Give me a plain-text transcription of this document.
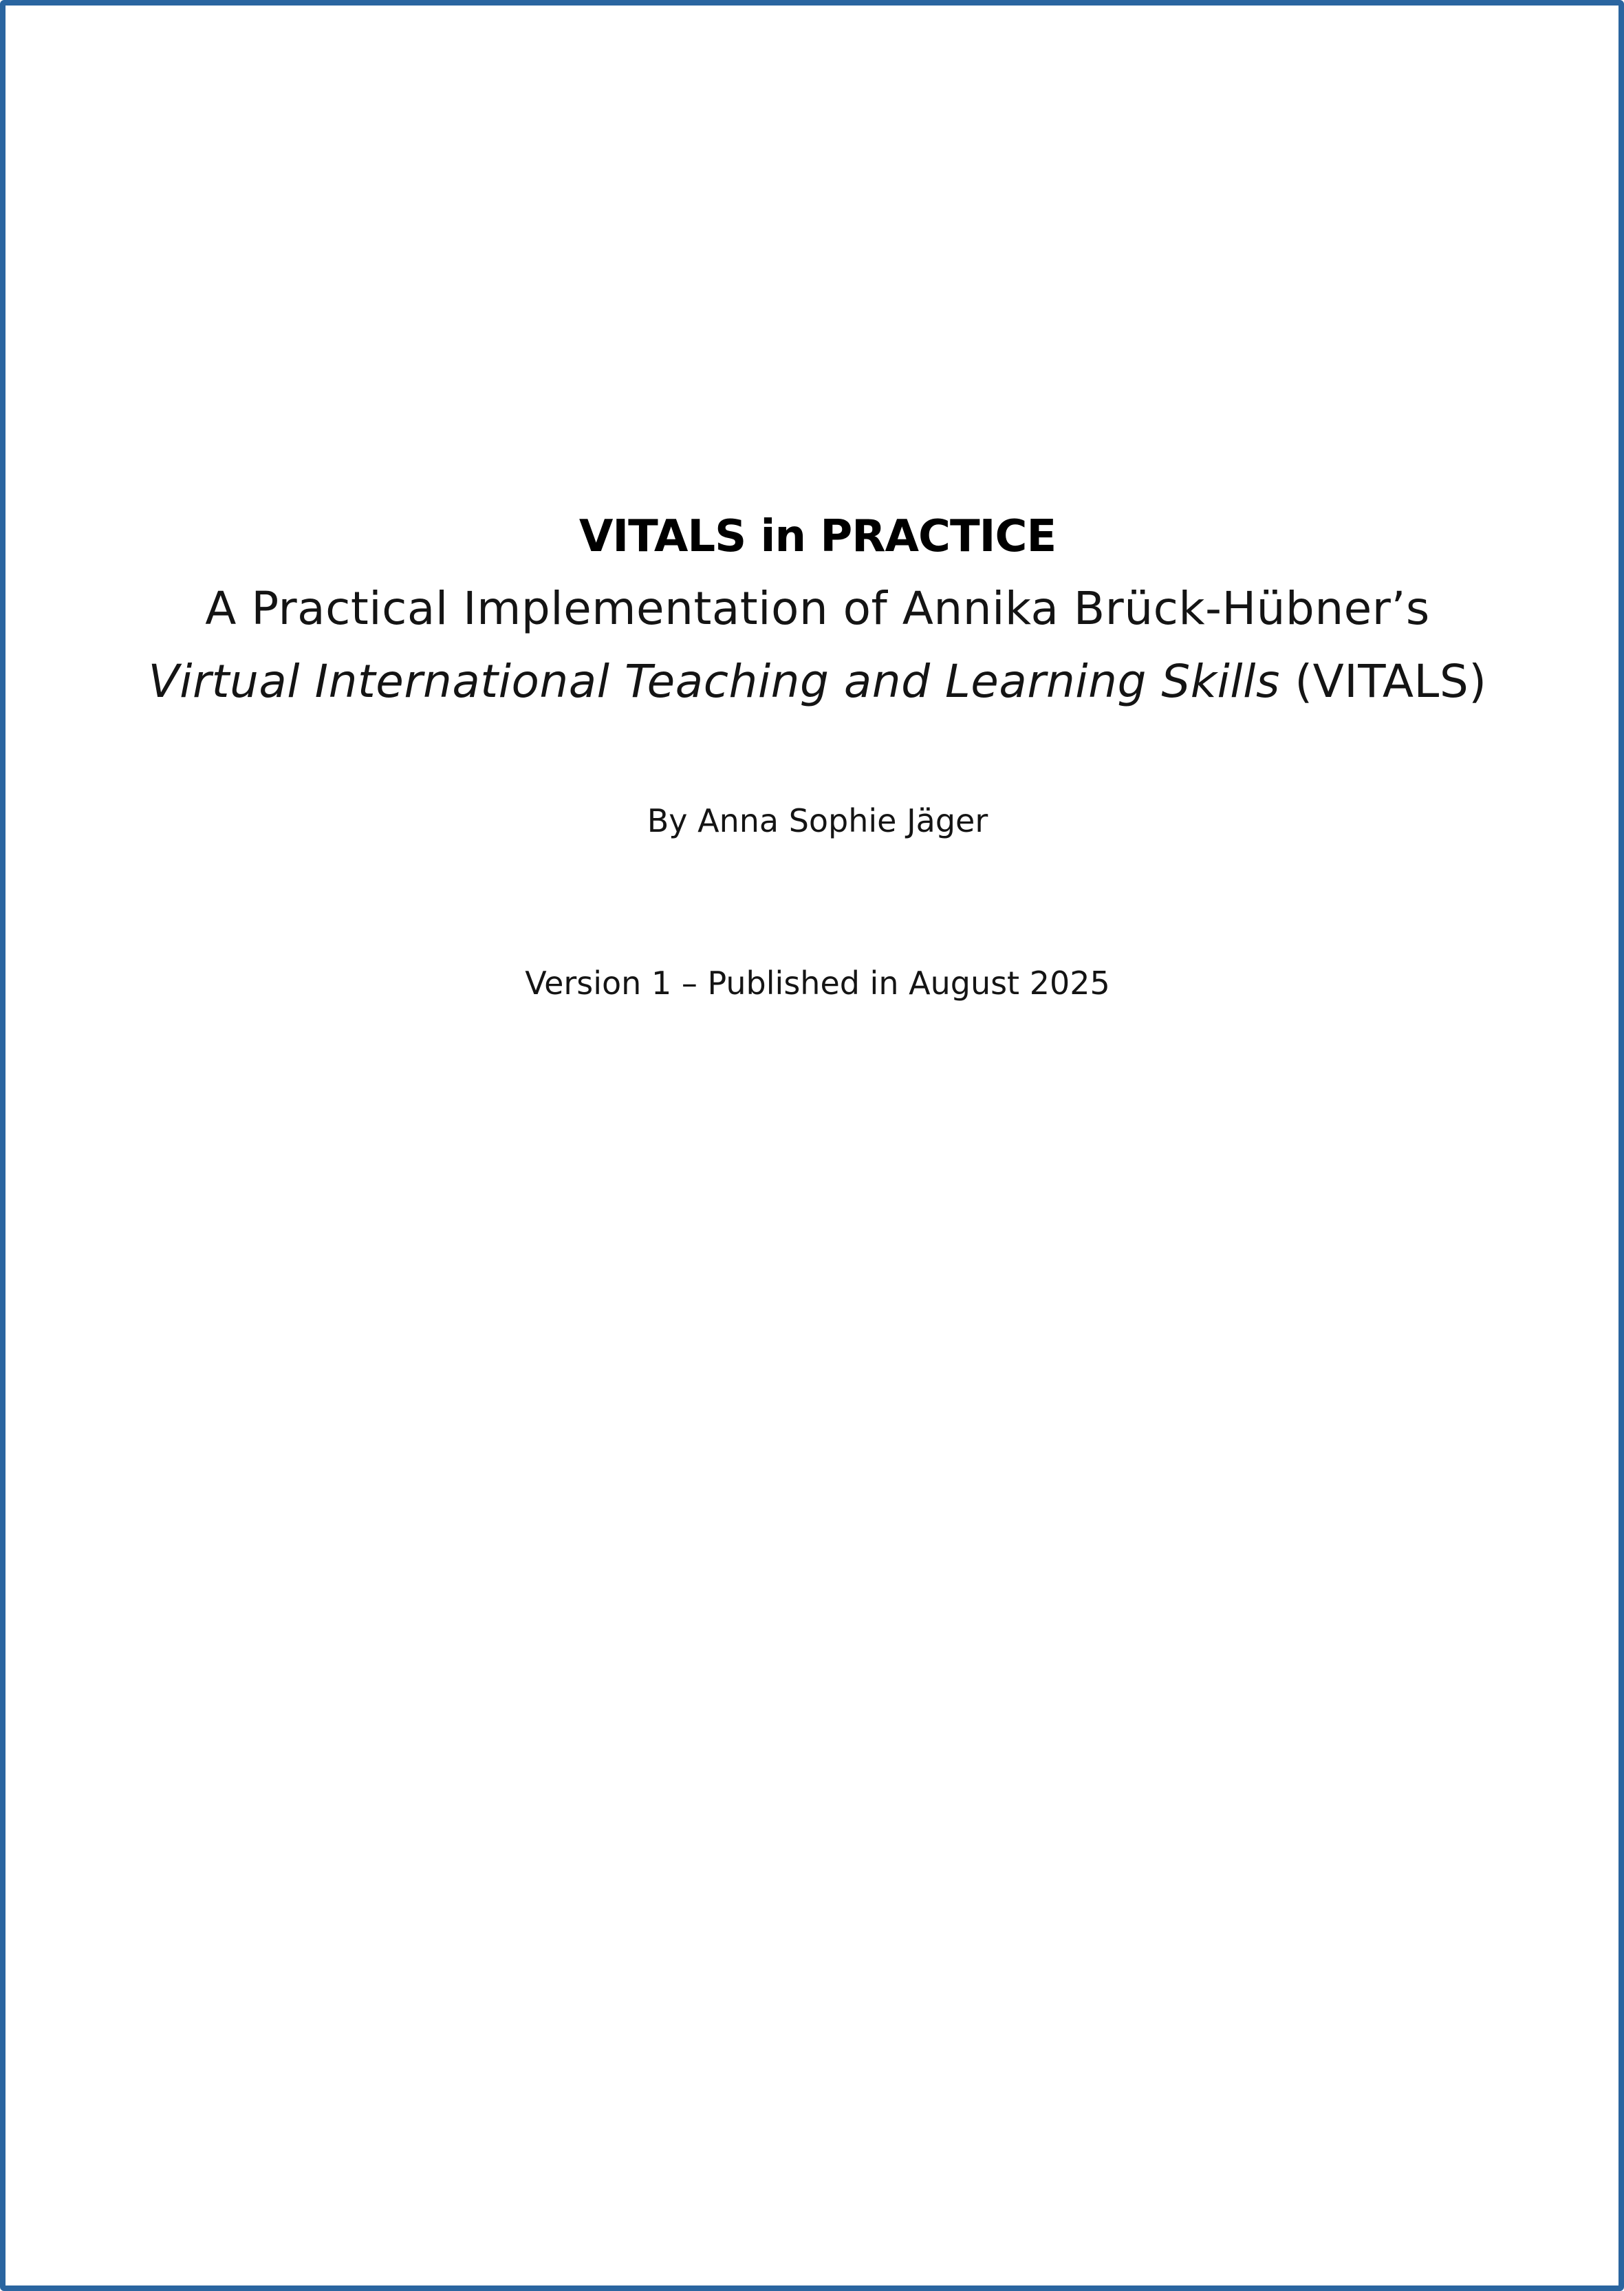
VITALS in PRACTICE
A Practical Implementation of Annika Brück-Hübner’s
Virtual International Teaching and Learning Skills (VITALS)
By Anna Sophie Jäger
Version 1 – Published in August 2025
